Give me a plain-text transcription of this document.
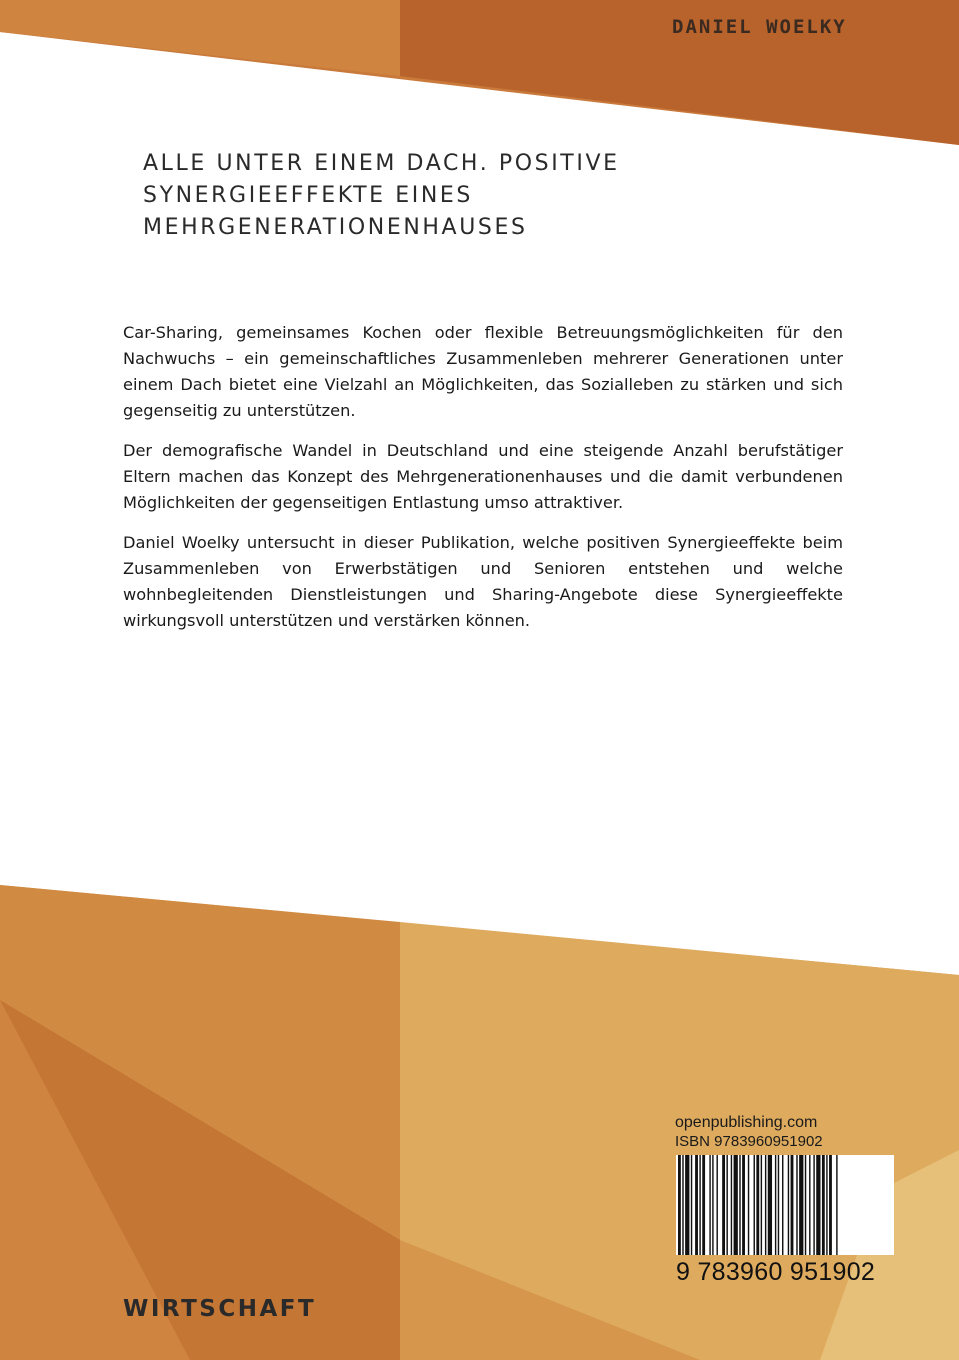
DANIEL WOELKY
ALLE UNTER EINEM DACH. POSITIVE
SYNERGIEEFFEKTE EINES
MEHRGENERATIONENHAUSES

Car-Sharing, gemeinsames Kochen oder flexible Betreuungsmöglichkeiten für den Nachwuchs – ein gemeinschaftliches Zusammenleben mehrerer Generationen unter einem Dach bietet eine Vielzahl an Möglichkeiten, das Sozialleben zu stärken und sich gegenseitig zu unterstützen.

Der demografische Wandel in Deutschland und eine steigende Anzahl berufstätiger Eltern machen das Konzept des Mehrgenerationenhauses und die damit verbundenen Möglichkeiten der gegenseitigen Entlastung umso attraktiver.

Daniel Woelky untersucht in dieser Publikation, welche positiven Synergieeffekte beim Zusammenleben von Erwerbstätigen und Senioren entstehen und welche wohnbegleitenden Dienstleistungen und Sharing-Angebote diese Synergieeffekte wirkungsvoll unterstützen und verstärken können.

openpublishing.com
ISBN 9783960951902
9 783960 951902
WIRTSCHAFT
